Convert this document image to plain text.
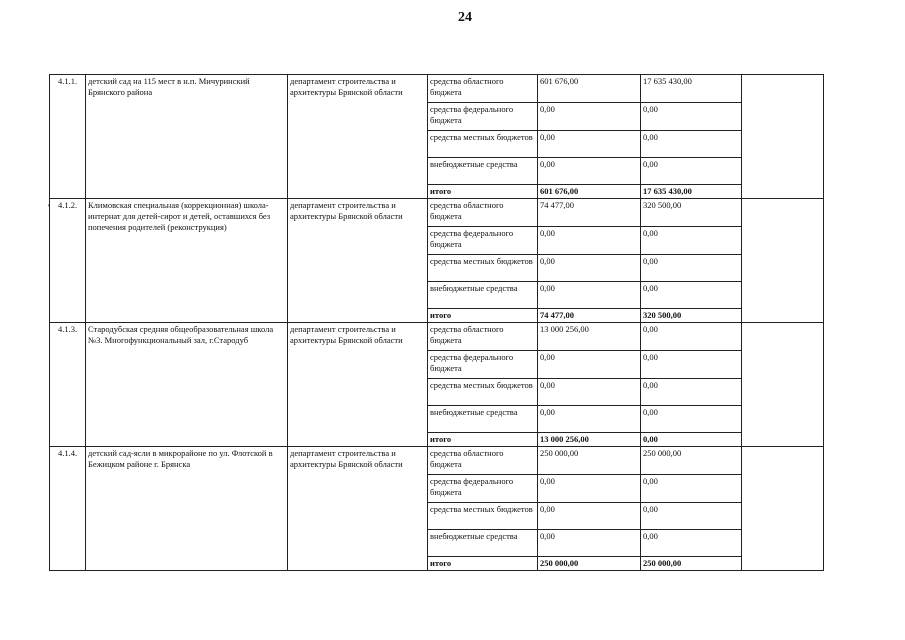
24
'
4.1.1.	детский сад на 115 мест в н.п. Мичуринский Брянского района	департамент строительства и архитектуры Брянской области	средства областного бюджета	601 676,00	17 635 430,00	
			средства федерального бюджета	0,00	0,00	
			средства местных бюджетов	0,00	0,00	
			внебюджетные средства	0,00	0,00	
			итого	601 676,00	17 635 430,00	
4.1.2.	Климовская специальная (коррекционная) школа-интернат для детей-сирот и детей, оставшихся без попечения родителей (реконструкция)	департамент строительства и архитектуры Брянской области	средства областного бюджета	74 477,00	320 500,00	
			средства федерального бюджета	0,00	0,00	
			средства местных бюджетов	0,00	0,00	
			внебюджетные средства	0,00	0,00	
			итого	74 477,00	320 500,00	
4.1.3.	Стародубская средняя общеобразовательная школа №3. Многофункциональный зал, г.Стародуб	департамент строительства и архитектуры Брянской области	средства областного бюджета	13 000 256,00	0,00	
			средства федерального бюджета	0,00	0,00	
			средства местных бюджетов	0,00	0,00	
			внебюджетные средства	0,00	0,00	
			итого	13 000 256,00	0,00	
4.1.4.	детский сад-ясли в микрорайоне по ул. Флотской в Бежицком районе г. Брянска	департамент строительства и архитектуры Брянской области	средства областного бюджета	250 000,00	250 000,00	
			средства федерального бюджета	0,00	0,00	
			средства местных бюджетов	0,00	0,00	
			внебюджетные средства	0,00	0,00	
			итого	250 000,00	250 000,00	
